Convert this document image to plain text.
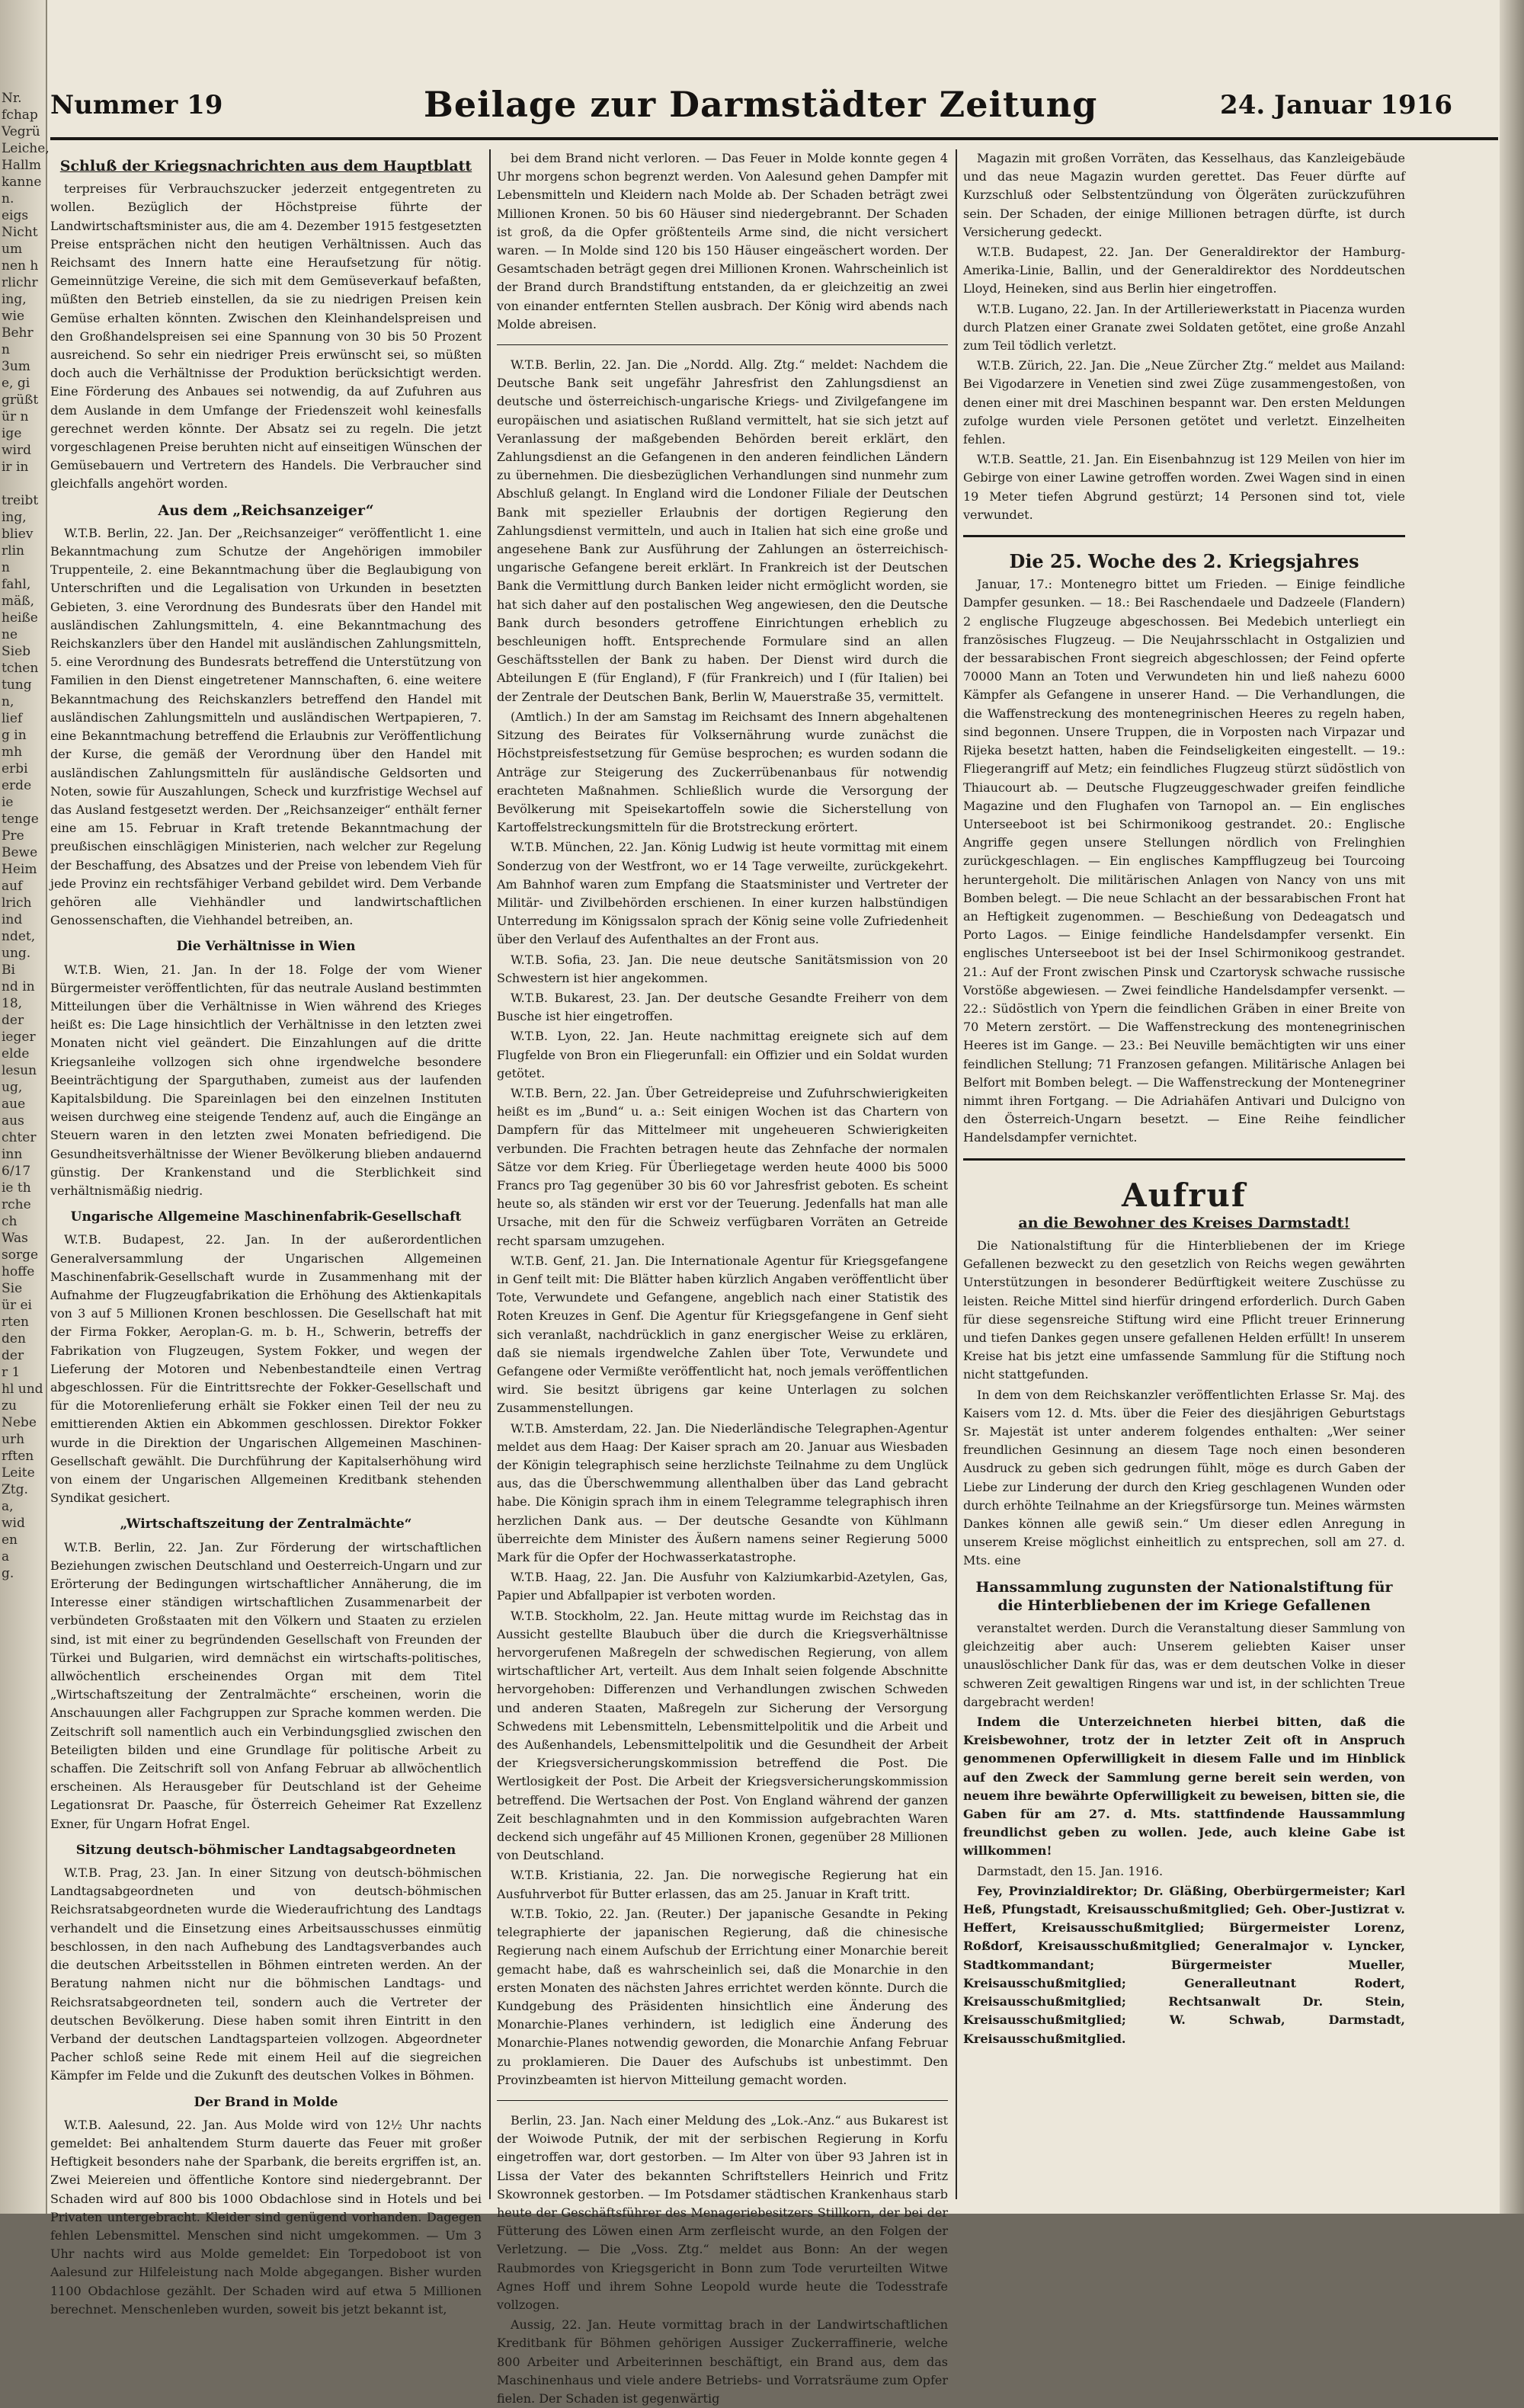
Nr.
fchap
Vegrü
Leiche,
Hallm
kanne
n.
eigs
Nicht
um
nen h
rlichr
ing,
wie
Behr
n
3um
e, gi
grüßt
ür n
ige
wird
ir in

treibt
ing,
bliev
rlin
n
fahl,
mäß,
heiße
ne
Sieb
tchen
tung
n,
lief
g in
mh
erbi
erde
ie
tenge
Pre
Bewe
Heim
auf
lrich
ind
ndet,
ung.
Bi
nd in
18,
der
ieger
elde
lesun
ug,
aue
aus
chter
inn
6/17
ie th
rche
ch
Was
sorge
hoffe
Sie
ür ei
rten
den
der
r 1
hl und
zu
Nebe
urh
rften
Leite
Ztg.
a,
wid
en
a
g.
Nummer 19	Beilage zur Darmstädter Zeitung	24. Januar 1916
Schluß der Kriegsnachrichten aus dem Hauptblatt

terpreises für Verbrauchszucker jederzeit entgegentreten zu wollen. Bezüglich der Höchstpreise führte der Landwirtschaftsminister aus, die am 4. Dezember 1915 festgesetzten Preise entsprächen nicht den heutigen Verhältnissen. Auch das Reichsamt des Innern hatte eine Heraufsetzung für nötig. Gemeinnützige Vereine, die sich mit dem Gemüseverkauf befaßten, müßten den Betrieb einstellen, da sie zu niedrigen Preisen kein Gemüse erhalten könnten. Zwischen den Kleinhandelspreisen und den Großhandelspreisen sei eine Spannung von 30 bis 50 Prozent ausreichend. So sehr ein niedriger Preis erwünscht sei, so müßten doch auch die Verhältnisse der Produktion berücksichtigt werden. Eine Förderung des Anbaues sei notwendig, da auf Zufuhren aus dem Auslande in dem Umfange der Friedenszeit wohl keinesfalls gerechnet werden könnte. Der Absatz sei zu regeln. Die jetzt vorgeschlagenen Preise beruhten nicht auf einseitigen Wünschen der Gemüsebauern und Vertretern des Handels. Die Verbraucher sind gleichfalls angehört worden.

Aus dem „Reichsanzeiger“

W.T.B. Berlin, 22. Jan. Der „Reichsanzeiger“ veröffentlicht 1. eine Bekanntmachung zum Schutze der Angehörigen immobiler Truppenteile, 2. eine Bekanntmachung über die Beglaubigung von Unterschriften und die Legalisation von Urkunden in besetzten Gebieten, 3. eine Verordnung des Bundesrats über den Handel mit ausländischen Zahlungsmitteln, 4. eine Bekanntmachung des Reichskanzlers über den Handel mit ausländischen Zahlungsmitteln, 5. eine Verordnung des Bundesrats betreffend die Unterstützung von Familien in den Dienst eingetretener Mannschaften, 6. eine weitere Bekanntmachung des Reichskanzlers betreffend den Handel mit ausländischen Zahlungsmitteln und ausländischen Wertpapieren, 7. eine Bekanntmachung betreffend die Erlaubnis zur Veröffentlichung der Kurse, die gemäß der Verordnung über den Handel mit ausländischen Zahlungsmitteln für ausländische Geldsorten und Noten, sowie für Auszahlungen, Scheck und kurzfristige Wechsel auf das Ausland festgesetzt werden. Der „Reichsanzeiger“ enthält ferner eine am 15. Februar in Kraft tretende Bekanntmachung der preußischen einschlägigen Ministerien, nach welcher zur Regelung der Beschaffung, des Absatzes und der Preise von lebendem Vieh für jede Provinz ein rechtsfähiger Verband gebildet wird. Dem Verbande gehören alle Viehhändler und landwirtschaftlichen Genossenschaften, die Viehhandel betreiben, an.

Die Verhältnisse in Wien

W.T.B. Wien, 21. Jan. In der 18. Folge der vom Wiener Bürgermeister veröffentlichten, für das neutrale Ausland bestimmten Mitteilungen über die Verhältnisse in Wien während des Krieges heißt es: Die Lage hinsichtlich der Verhältnisse in den letzten zwei Monaten nicht viel geändert. Die Einzahlungen auf die dritte Kriegsanleihe vollzogen sich ohne irgendwelche besondere Beeinträchtigung der Sparguthaben, zumeist aus der laufenden Kapitalsbildung. Die Spareinlagen bei den einzelnen Instituten weisen durchweg eine steigende Tendenz auf, auch die Eingänge an Steuern waren in den letzten zwei Monaten befriedigend. Die Gesundheitsverhältnisse der Wiener Bevölkerung blieben andauernd günstig. Der Krankenstand und die Sterblichkeit sind verhältnismäßig niedrig.

Ungarische Allgemeine Maschinenfabrik-Gesellschaft

W.T.B. Budapest, 22. Jan. In der außerordentlichen Generalversammlung der Ungarischen Allgemeinen Maschinenfabrik-Gesellschaft wurde in Zusammenhang mit der Aufnahme der Flugzeugfabrikation die Erhöhung des Aktienkapitals von 3 auf 5 Millionen Kronen beschlossen. Die Gesellschaft hat mit der Firma Fokker, Aeroplan-G. m. b. H., Schwerin, betreffs der Fabrikation von Flugzeugen, System Fokker, und wegen der Lieferung der Motoren und Nebenbestandteile einen Vertrag abgeschlossen. Für die Eintrittsrechte der Fokker-Gesellschaft und für die Motorenlieferung erhält sie Fokker einen Teil der neu zu emittierenden Aktien ein Abkommen geschlossen. Direktor Fokker wurde in die Direktion der Ungarischen Allgemeinen Maschinen-Gesellschaft gewählt. Die Durchführung der Kapitalserhöhung wird von einem der Ungarischen Allgemeinen Kreditbank stehenden Syndikat gesichert.

„Wirtschaftszeitung der Zentralmächte“

W.T.B. Berlin, 22. Jan. Zur Förderung der wirtschaftlichen Beziehungen zwischen Deutschland und Oesterreich-Ungarn und zur Erörterung der Bedingungen wirtschaftlicher Annäherung, die im Interesse einer ständigen wirtschaftlichen Zusammenarbeit der verbündeten Großstaaten mit den Völkern und Staaten zu erzielen sind, ist mit einer zu begründenden Gesellschaft von Freunden der Türkei und Bulgarien, wird demnächst ein wirtschafts-politisches, allwöchentlich erscheinendes Organ mit dem Titel „Wirtschaftszeitung der Zentralmächte“ erscheinen, worin die Anschauungen aller Fachgruppen zur Sprache kommen werden. Die Zeitschrift soll namentlich auch ein Verbindungsglied zwischen den Beteiligten bilden und eine Grundlage für politische Arbeit zu schaffen. Die Zeitschrift soll von Anfang Februar ab allwöchentlich erscheinen. Als Herausgeber für Deutschland ist der Geheime Legationsrat Dr. Paasche, für Österreich Geheimer Rat Exzellenz Exner, für Ungarn Hofrat Engel.

Sitzung deutsch-böhmischer Landtagsabgeordneten

W.T.B. Prag, 23. Jan. In einer Sitzung von deutsch-böhmischen Landtagsabgeordneten und von deutsch-böhmischen Reichsratsabgeordneten wurde die Wiederaufrichtung des Landtags verhandelt und die Einsetzung eines Arbeitsausschusses einmütig beschlossen, in den nach Aufhebung des Landtagsverbandes auch die deutschen Arbeitsstellen in Böhmen eintreten werden. An der Beratung nahmen nicht nur die böhmischen Landtags- und Reichsratsabgeordneten teil, sondern auch die Vertreter der deutschen Bevölkerung. Diese haben somit ihren Eintritt in den Verband der deutschen Landtagsparteien vollzogen. Abgeordneter Pacher schloß seine Rede mit einem Heil auf die siegreichen Kämpfer im Felde und die Zukunft des deutschen Volkes in Böhmen.

Der Brand in Molde

W.T.B. Aalesund, 22. Jan. Aus Molde wird von 12½ Uhr nachts gemeldet: Bei anhaltendem Sturm dauerte das Feuer mit großer Heftigkeit besonders nahe der Sparbank, die bereits ergriffen ist, an. Zwei Meiereien und öffentliche Kontore sind niedergebrannt. Der Schaden wird auf 800 bis 1000 Obdachlose sind in Hotels und bei Privaten untergebracht. Kleider sind genügend vorhanden. Dagegen fehlen Lebensmittel. Menschen sind nicht umgekommen. — Um 3 Uhr nachts wird aus Molde gemeldet: Ein Torpedoboot ist von Aalesund zur Hilfeleistung nach Molde abgegangen. Bisher wurden 1100 Obdachlose gezählt. Der Schaden wird auf etwa 5 Millionen berechnet. Menschenleben wurden, soweit bis jetzt bekannt ist,

bei dem Brand nicht verloren. — Das Feuer in Molde konnte gegen 4 Uhr morgens schon begrenzt werden. Von Aalesund gehen Dampfer mit Lebensmitteln und Kleidern nach Molde ab. Der Schaden beträgt zwei Millionen Kronen. 50 bis 60 Häuser sind niedergebrannt. Der Schaden ist groß, da die Opfer größtenteils Arme sind, die nicht versichert waren. — In Molde sind 120 bis 150 Häuser eingeäschert worden. Der Gesamtschaden beträgt gegen drei Millionen Kronen. Wahrscheinlich ist der Brand durch Brandstiftung entstanden, da er gleichzeitig an zwei von einander entfernten Stellen ausbrach. Der König wird abends nach Molde abreisen.

W.T.B. Berlin, 22. Jan. Die „Nordd. Allg. Ztg.“ meldet: Nachdem die Deutsche Bank seit ungefähr Jahresfrist den Zahlungsdienst an deutsche und österreichisch-ungarische Kriegs- und Zivilgefangene im europäischen und asiatischen Rußland vermittelt, hat sie sich jetzt auf Veranlassung der maßgebenden Behörden bereit erklärt, den Zahlungsdienst an die Gefangenen in den anderen feindlichen Ländern zu übernehmen. Die diesbezüglichen Verhandlungen sind nunmehr zum Abschluß gelangt. In England wird die Londoner Filiale der Deutschen Bank mit spezieller Erlaubnis der dortigen Regierung den Zahlungsdienst vermitteln, und auch in Italien hat sich eine große und angesehene Bank zur Ausführung der Zahlungen an österreichisch-ungarische Gefangene bereit erklärt. In Frankreich ist der Deutschen Bank die Vermittlung durch Banken leider nicht ermöglicht worden, sie hat sich daher auf den postalischen Weg angewiesen, den die Deutsche Bank durch besonders getroffene Einrichtungen erheblich zu beschleunigen hofft. Entsprechende Formulare sind an allen Geschäftsstellen der Bank zu haben. Der Dienst wird durch die Abteilungen E (für England), F (für Frankreich) und I (für Italien) bei der Zentrale der Deutschen Bank, Berlin W, Mauerstraße 35, vermittelt.

(Amtlich.) In der am Samstag im Reichsamt des Innern abgehaltenen Sitzung des Beirates für Volksernährung wurde zunächst die Höchstpreisfestsetzung für Gemüse besprochen; es wurden sodann die Anträge zur Steigerung des Zuckerrübenanbaus für notwendig erachteten Maßnahmen. Schließlich wurde die Versorgung der Bevölkerung mit Speisekartoffeln sowie die Sicherstellung von Kartoffelstreckungsmitteln für die Brotstreckung erörtert.

W.T.B. München, 22. Jan. König Ludwig ist heute vormittag mit einem Sonderzug von der Westfront, wo er 14 Tage verweilte, zurückgekehrt. Am Bahnhof waren zum Empfang die Staatsminister und Vertreter der Militär- und Zivilbehörden erschienen. In einer kurzen halbstündigen Unterredung im Königssalon sprach der König seine volle Zufriedenheit über den Verlauf des Aufenthaltes an der Front aus.

W.T.B. Sofia, 23. Jan. Die neue deutsche Sanitätsmission von 20 Schwestern ist hier angekommen.

W.T.B. Bukarest, 23. Jan. Der deutsche Gesandte Freiherr von dem Busche ist hier eingetroffen.

W.T.B. Lyon, 22. Jan. Heute nachmittag ereignete sich auf dem Flugfelde von Bron ein Fliegerunfall: ein Offizier und ein Soldat wurden getötet.

W.T.B. Bern, 22. Jan. Über Getreidepreise und Zufuhrschwierigkeiten heißt es im „Bund“ u. a.: Seit einigen Wochen ist das Chartern von Dampfern für das Mittelmeer mit ungeheueren Schwierigkeiten verbunden. Die Frachten betragen heute das Zehnfache der normalen Sätze vor dem Krieg. Für Überliegetage werden heute 4000 bis 5000 Francs pro Tag gegenüber 30 bis 60 vor Jahresfrist geboten. Es scheint heute so, als ständen wir erst vor der Teuerung. Jedenfalls hat man alle Ursache, mit den für die Schweiz verfügbaren Vorräten an Getreide recht sparsam umzugehen.

W.T.B. Genf, 21. Jan. Die Internationale Agentur für Kriegsgefangene in Genf teilt mit: Die Blätter haben kürzlich Angaben veröffentlicht über Tote, Verwundete und Gefangene, angeblich nach einer Statistik des Roten Kreuzes in Genf. Die Agentur für Kriegsgefangene in Genf sieht sich veranlaßt, nachdrücklich in ganz energischer Weise zu erklären, daß sie niemals irgendwelche Zahlen über Tote, Verwundete und Gefangene oder Vermißte veröffentlicht hat, noch jemals veröffentlichen wird. Sie besitzt übrigens gar keine Unterlagen zu solchen Zusammenstellungen.

W.T.B. Amsterdam, 22. Jan. Die Niederländische Telegraphen-Agentur meldet aus dem Haag: Der Kaiser sprach am 20. Januar aus Wiesbaden der Königin telegraphisch seine herzlichste Teilnahme zu dem Unglück aus, das die Überschwemmung allenthalben über das Land gebracht habe. Die Königin sprach ihm in einem Telegramme telegraphisch ihren herzlichen Dank aus. — Der deutsche Gesandte von Kühlmann überreichte dem Minister des Äußern namens seiner Regierung 5000 Mark für die Opfer der Hochwasserkatastrophe.

W.T.B. Haag, 22. Jan. Die Ausfuhr von Kalziumkarbid-Azetylen, Gas, Papier und Abfallpapier ist verboten worden.

W.T.B. Stockholm, 22. Jan. Heute mittag wurde im Reichstag das in Aussicht gestellte Blaubuch über die durch die Kriegsverhältnisse hervorgerufenen Maßregeln der schwedischen Regierung, von allem wirtschaftlicher Art, verteilt. Aus dem Inhalt seien folgende Abschnitte hervorgehoben: Differenzen und Verhandlungen zwischen Schweden und anderen Staaten, Maßregeln zur Sicherung der Versorgung Schwedens mit Lebensmitteln, Lebensmittelpolitik und die Arbeit und des Außenhandels, Lebensmittelpolitik und die Gesundheit der Arbeit der Kriegsversicherungskommission betreffend die Post. Die Wertlosigkeit der Post. Die Arbeit der Kriegsversicherungskommission betreffend. Die Wertsachen der Post. Von England während der ganzen Zeit beschlagnahmten und in den Kommission aufgebrachten Waren deckend sich ungefähr auf 45 Millionen Kronen, gegenüber 28 Millionen von Deutschland.

W.T.B. Kristiania, 22. Jan. Die norwegische Regierung hat ein Ausfuhrverbot für Butter erlassen, das am 25. Januar in Kraft tritt.

W.T.B. Tokio, 22. Jan. (Reuter.) Der japanische Gesandte in Peking telegraphierte der japanischen Regierung, daß die chinesische Regierung nach einem Aufschub der Errichtung einer Monarchie bereit gemacht habe, daß es wahrscheinlich sei, daß die Monarchie in den ersten Monaten des nächsten Jahres errichtet werden könnte. Durch die Kundgebung des Präsidenten hinsichtlich eine Änderung des Monarchie-Planes verhindern, ist lediglich eine Änderung des Monarchie-Planes notwendig geworden, die Monarchie Anfang Februar zu proklamieren. Die Dauer des Aufschubs ist unbestimmt. Den Provinzbeamten ist hiervon Mitteilung gemacht worden.

Berlin, 23. Jan. Nach einer Meldung des „Lok.-Anz.“ aus Bukarest ist der Woiwode Putnik, der mit der serbischen Regierung in Korfu eingetroffen war, dort gestorben. — Im Alter von über 93 Jahren ist in Lissa der Vater des bekannten Schriftstellers Heinrich und Fritz Skowronnek gestorben. — Im Potsdamer städtischen Krankenhaus starb heute der Geschäftsführer des Menageriebesitzers Stillkorn, der bei der Fütterung des Löwen einen Arm zerfleischt wurde, an den Folgen der Verletzung. — Die „Voss. Ztg.“ meldet aus Bonn: An der wegen Raubmordes von Kriegsgericht in Bonn zum Tode verurteilten Witwe Agnes Hoff und ihrem Sohne Leopold wurde heute die Todesstrafe vollzogen.

Aussig, 22. Jan. Heute vormittag brach in der Landwirtschaftlichen Kreditbank für Böhmen gehörigen Aussiger Zuckerraffinerie, welche 800 Arbeiter und Arbeiterinnen beschäftigt, ein Brand aus, dem das Maschinenhaus und viele andere Betriebs- und Vorratsräume zum Opfer fielen. Der Schaden ist gegenwärtig

Magazin mit großen Vorräten, das Kesselhaus, das Kanzleigebäude und das neue Magazin wurden gerettet. Das Feuer dürfte auf Kurzschluß oder Selbstentzündung von Ölgeräten zurückzuführen sein. Der Schaden, der einige Millionen betragen dürfte, ist durch Versicherung gedeckt.

W.T.B. Budapest, 22. Jan. Der Generaldirektor der Hamburg-Amerika-Linie, Ballin, und der Generaldirektor des Norddeutschen Lloyd, Heineken, sind aus Berlin hier eingetroffen.

W.T.B. Lugano, 22. Jan. In der Artilleriewerkstatt in Piacenza wurden durch Platzen einer Granate zwei Soldaten getötet, eine große Anzahl zum Teil tödlich verletzt.

W.T.B. Zürich, 22. Jan. Die „Neue Zürcher Ztg.“ meldet aus Mailand: Bei Vigodarzere in Venetien sind zwei Züge zusammengestoßen, von denen einer mit drei Maschinen bespannt war. Den ersten Meldungen zufolge wurden viele Personen getötet und verletzt. Einzelheiten fehlen.

W.T.B. Seattle, 21. Jan. Ein Eisenbahnzug ist 129 Meilen von hier im Gebirge von einer Lawine getroffen worden. Zwei Wagen sind in einen 19 Meter tiefen Abgrund gestürzt; 14 Personen sind tot, viele verwundet.

Die 25. Woche des 2. Kriegsjahres

Januar, 17.: Montenegro bittet um Frieden. — Einige feindliche Dampfer gesunken. — 18.: Bei Raschendaele und Dadzeele (Flandern) 2 englische Flugzeuge abgeschossen. Bei Medebich unterliegt ein französisches Flugzeug. — Die Neujahrsschlacht in Ostgalizien und der bessarabischen Front siegreich abgeschlossen; der Feind opferte 70000 Mann an Toten und Verwundeten hin und ließ nahezu 6000 Kämpfer als Gefangene in unserer Hand. — Die Verhandlungen, die die Waffenstreckung des montenegrinischen Heeres zu regeln haben, sind begonnen. Unsere Truppen, die in Vorposten nach Virpazar und Rijeka besetzt hatten, haben die Feindseligkeiten eingestellt. — 19.: Fliegerangriff auf Metz; ein feindliches Flugzeug stürzt südöstlich von Thiaucourt ab. — Deutsche Flugzeuggeschwader greifen feindliche Magazine und den Flughafen von Tarnopol an. — Ein englisches Unterseeboot ist bei Schirmonikoog gestrandet. 20.: Englische Angriffe gegen unsere Stellungen nördlich von Frelinghien zurückgeschlagen. — Ein englisches Kampfflugzeug bei Tourcoing heruntergeholt. Die militärischen Anlagen von Nancy von uns mit Bomben belegt. — Die neue Schlacht an der bessarabischen Front hat an Heftigkeit zugenommen. — Beschießung von Dedeagatsch und Porto Lagos. — Einige feindliche Handelsdampfer versenkt. Ein englisches Unterseeboot ist bei der Insel Schirmonikoog gestrandet. 21.: Auf der Front zwischen Pinsk und Czartorysk schwache russische Vorstöße abgewiesen. — Zwei feindliche Handelsdampfer versenkt. — 22.: Südöstlich von Ypern die feindlichen Gräben in einer Breite von 70 Metern zerstört. — Die Waffenstreckung des montenegrinischen Heeres ist im Gange. — 23.: Bei Neuville bemächtigten wir uns einer feindlichen Stellung; 71 Franzosen gefangen. Militärische Anlagen bei Belfort mit Bomben belegt. — Die Waffenstreckung der Montenegriner nimmt ihren Fortgang. — Die Adriahäfen Antivari und Dulcigno von den Österreich-Ungarn besetzt. — Eine Reihe feindlicher Handelsdampfer vernichtet.

Aufruf
an die Bewohner des Kreises Darmstadt!

Die Nationalstiftung für die Hinterbliebenen der im Kriege Gefallenen bezweckt zu den gesetzlich von Reichs wegen gewährten Unterstützungen in besonderer Bedürftigkeit weitere Zuschüsse zu leisten. Reiche Mittel sind hierfür dringend erforderlich. Durch Gaben für diese segensreiche Stiftung wird eine Pflicht treuer Erinnerung und tiefen Dankes gegen unsere gefallenen Helden erfüllt! In unserem Kreise hat bis jetzt eine umfassende Sammlung für die Stiftung noch nicht stattgefunden.

In dem von dem Reichskanzler veröffentlichten Erlasse Sr. Maj. des Kaisers vom 12. d. Mts. über die Feier des diesjährigen Geburtstags Sr. Majestät ist unter anderem folgendes enthalten: „Wer seiner freundlichen Gesinnung an diesem Tage noch einen besonderen Ausdruck zu geben sich gedrungen fühlt, möge es durch Gaben der Liebe zur Linderung der durch den Krieg geschlagenen Wunden oder durch erhöhte Teilnahme an der Kriegsfürsorge tun. Meines wärmsten Dankes können alle gewiß sein.“ Um dieser edlen Anregung in unserem Kreise möglichst einheitlich zu entsprechen, soll am 27. d. Mts. eine

Hanssammlung zugunsten der Nationalstiftung für die Hinterbliebenen der im Kriege Gefallenen

veranstaltet werden. Durch die Veranstaltung dieser Sammlung von gleichzeitig aber auch: Unserem geliebten Kaiser unser unauslöschlicher Dank für das, was er dem deutschen Volke in dieser schweren Zeit gewaltigen Ringens war und ist, in der schlichten Treue dargebracht werden!

Indem die Unterzeichneten hierbei bitten, daß die Kreisbewohner, trotz der in letzter Zeit oft in Anspruch genommenen Opferwilligkeit in diesem Falle und im Hinblick auf den Zweck der Sammlung gerne bereit sein werden, von neuem ihre bewährte Opferwilligkeit zu beweisen, bitten sie, die Gaben für am 27. d. Mts. stattfindende Haussammlung freundlichst geben zu wollen. Jede, auch kleine Gabe ist willkommen!

Darmstadt, den 15. Jan. 1916.

Fey, Provinzialdirektor; Dr. Gläßing, Oberbürgermeister; Karl Heß, Pfungstadt, Kreisausschußmitglied; Geh. Ober-Justizrat v. Heffert, Kreisausschußmitglied; Bürgermeister Lorenz, Roßdorf, Kreisausschußmitglied; Generalmajor v. Lyncker, Stadtkommandant; Bürgermeister Mueller, Kreisausschußmitglied; Generalleutnant Rodert, Kreisausschußmitglied; Rechtsanwalt Dr. Stein, Kreisausschußmitglied; W. Schwab, Darmstadt, Kreisausschußmitglied.
